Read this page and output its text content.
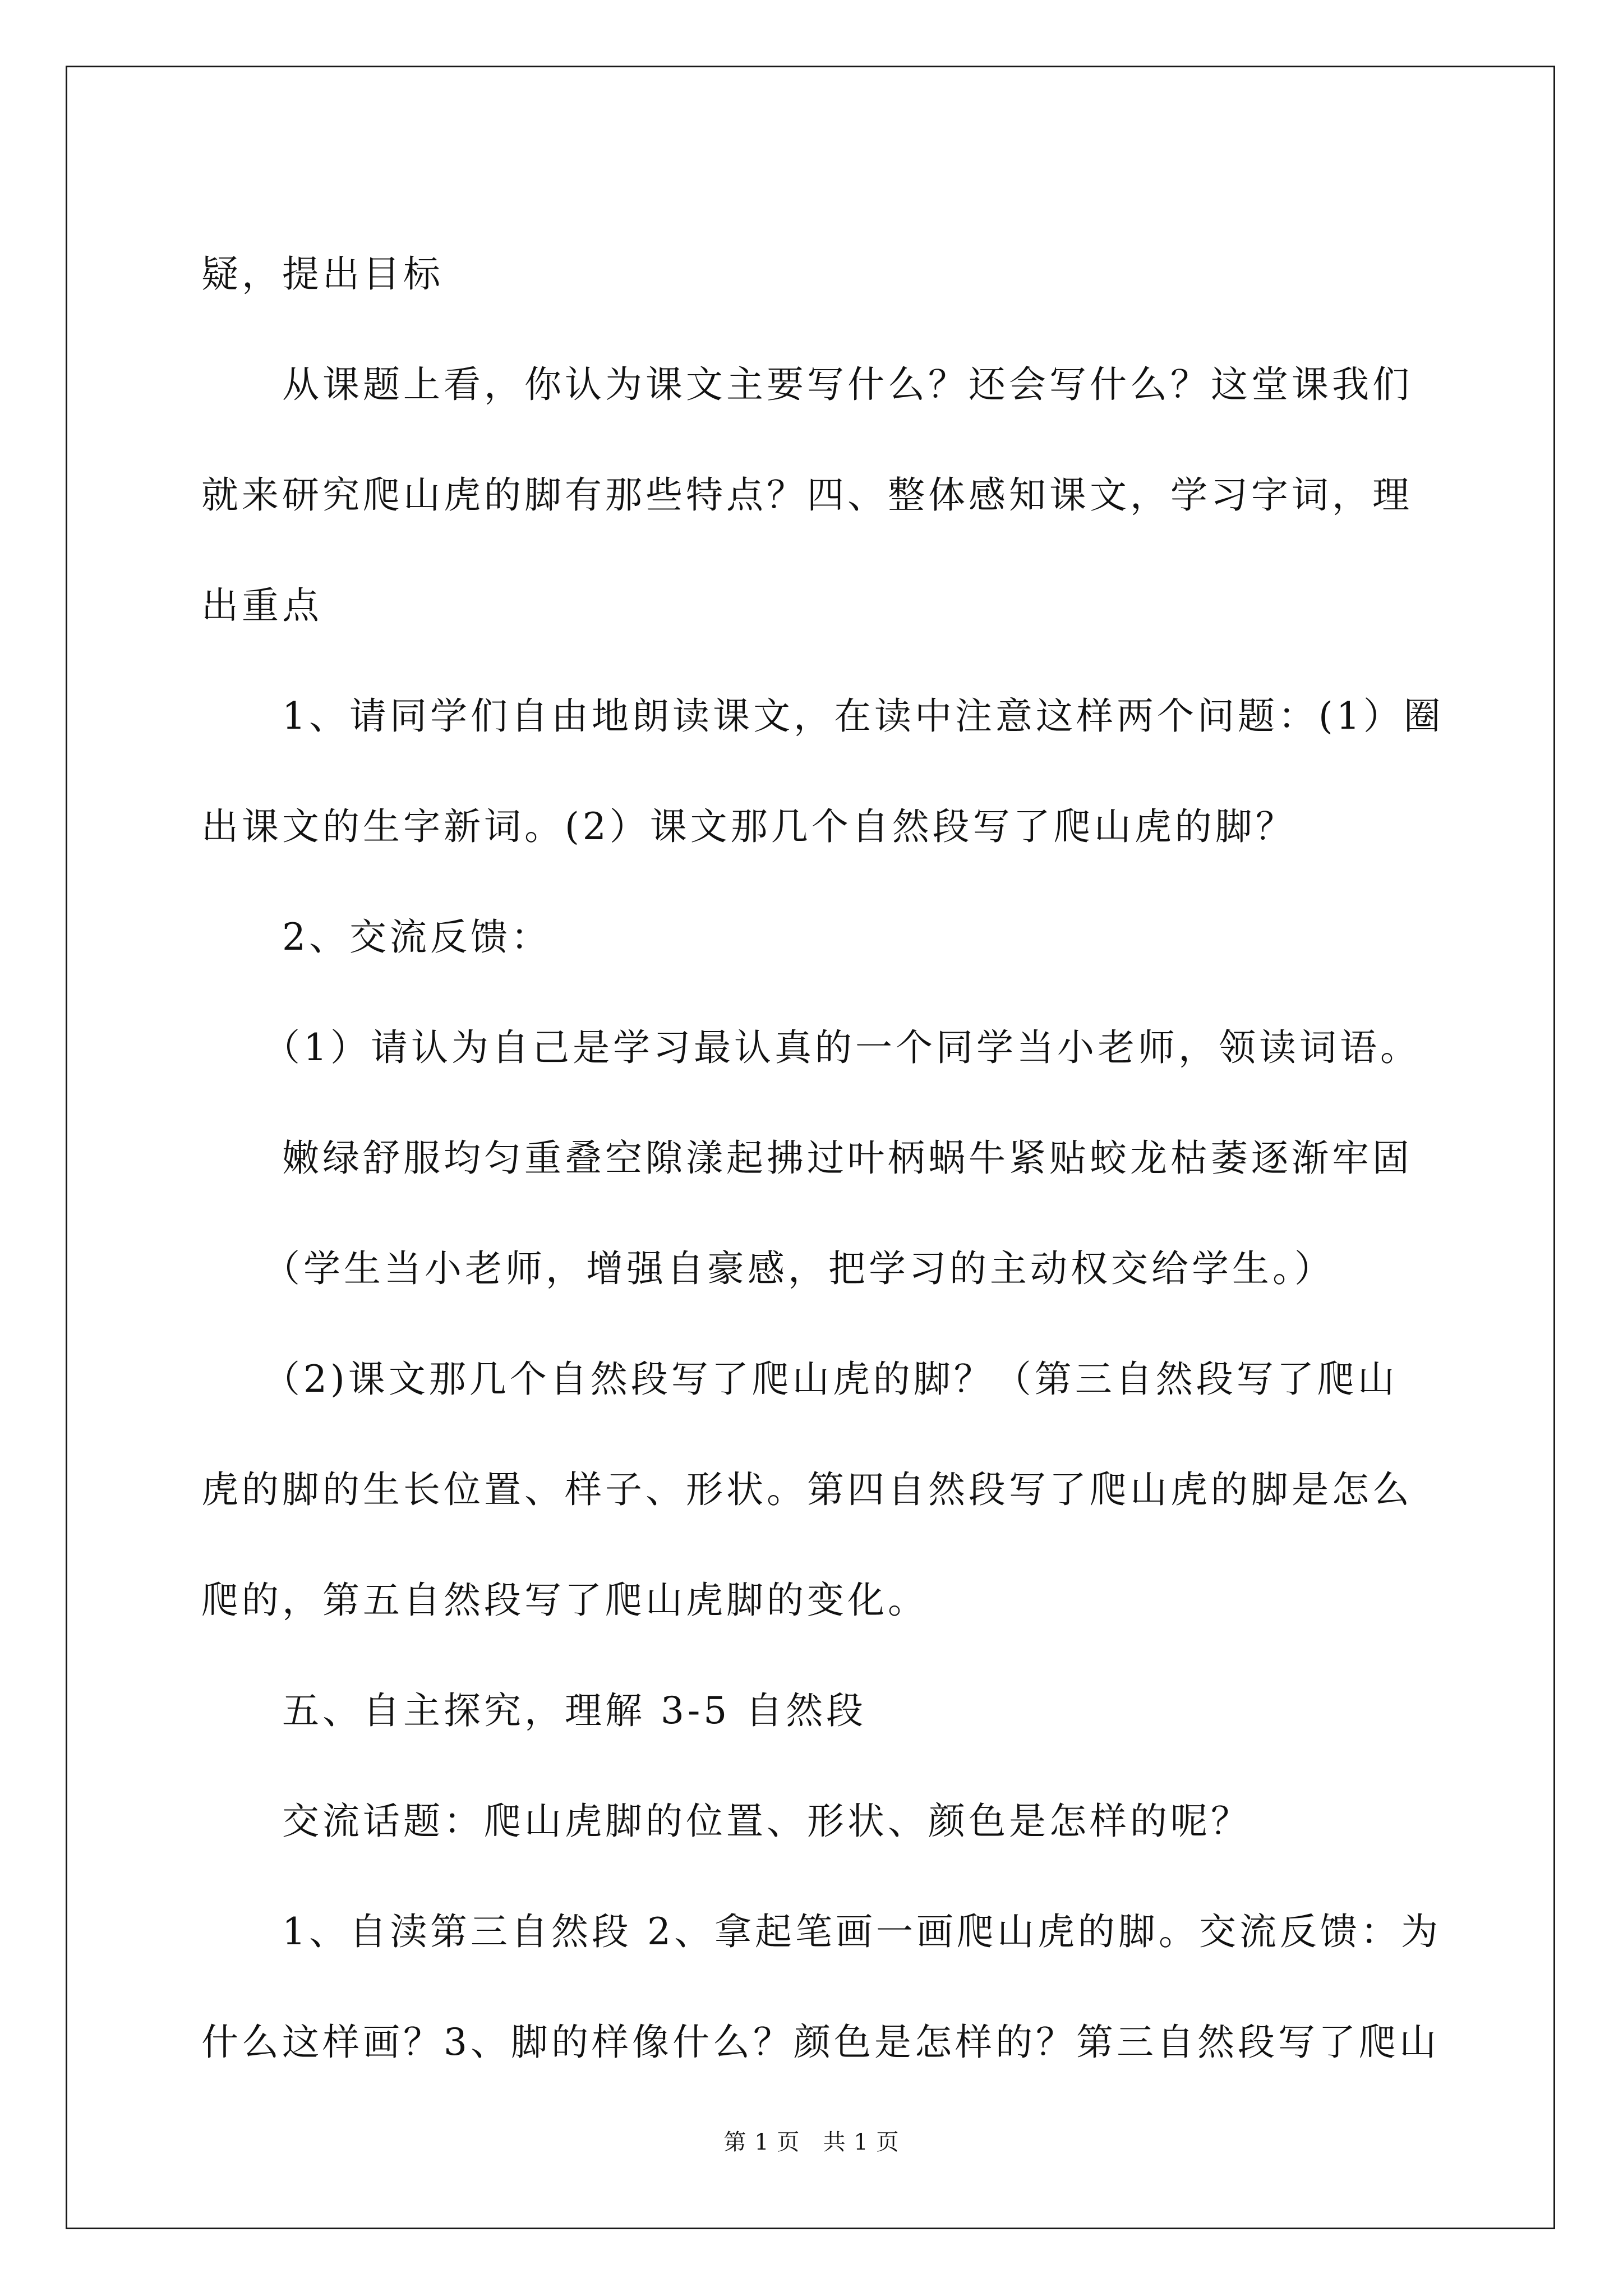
疑，提出目标
从课题上看，你认为课文主要写什么？还会写什么？这堂课我们
就来研究爬山虎的脚有那些特点？四、整体感知课文，学习字词，理
出重点
1、请同学们自由地朗读课文，在读中注意这样两个问题：(1）圈
出课文的生字新词。(2）课文那几个自然段写了爬山虎的脚？
2、交流反馈：
（1）请认为自己是学习最认真的一个同学当小老师，领读词语。
嫩绿舒服均匀重叠空隙漾起拂过叶柄蜗牛紧贴蛟龙枯萎逐渐牢固
（学生当小老师，增强自豪感，把学习的主动权交给学生。）
（2)课文那几个自然段写了爬山虎的脚？（第三自然段写了爬山
虎的脚的生长位置、样子、形状。第四自然段写了爬山虎的脚是怎么
爬的，第五自然段写了爬山虎脚的变化。
五、自主探究，理解 3-5 自然段
交流话题：爬山虎脚的位置、形状、颜色是怎样的呢？
1、自渎第三自然段 2、拿起笔画一画爬山虎的脚。交流反馈：为
什么这样画？3、脚的样像什么？颜色是怎样的？第三自然段写了爬山
第 1 页   共 1 页
